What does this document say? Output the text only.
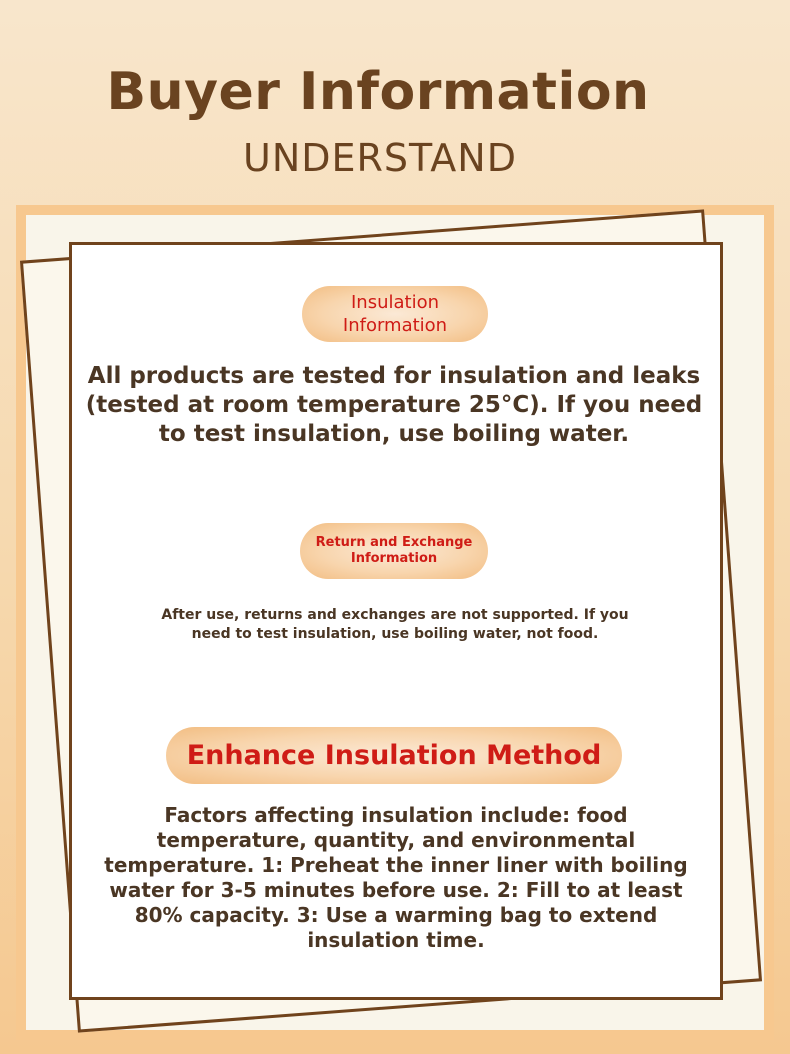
Buyer Information
UNDERSTAND
Insulation
Information
All products are tested for insulation and leaks (tested at room temperature 25°C). If you need to test insulation, use boiling water.
Return and Exchange
Information
After use, returns and exchanges are not supported. If you need to test insulation, use boiling water, not food.
Enhance Insulation Method
Factors affecting insulation include: food temperature, quantity, and environmental temperature. 1: Preheat the inner liner with boiling water for 3-5 minutes before use. 2: Fill to at least 80% capacity. 3: Use a warming bag to extend insulation time.
